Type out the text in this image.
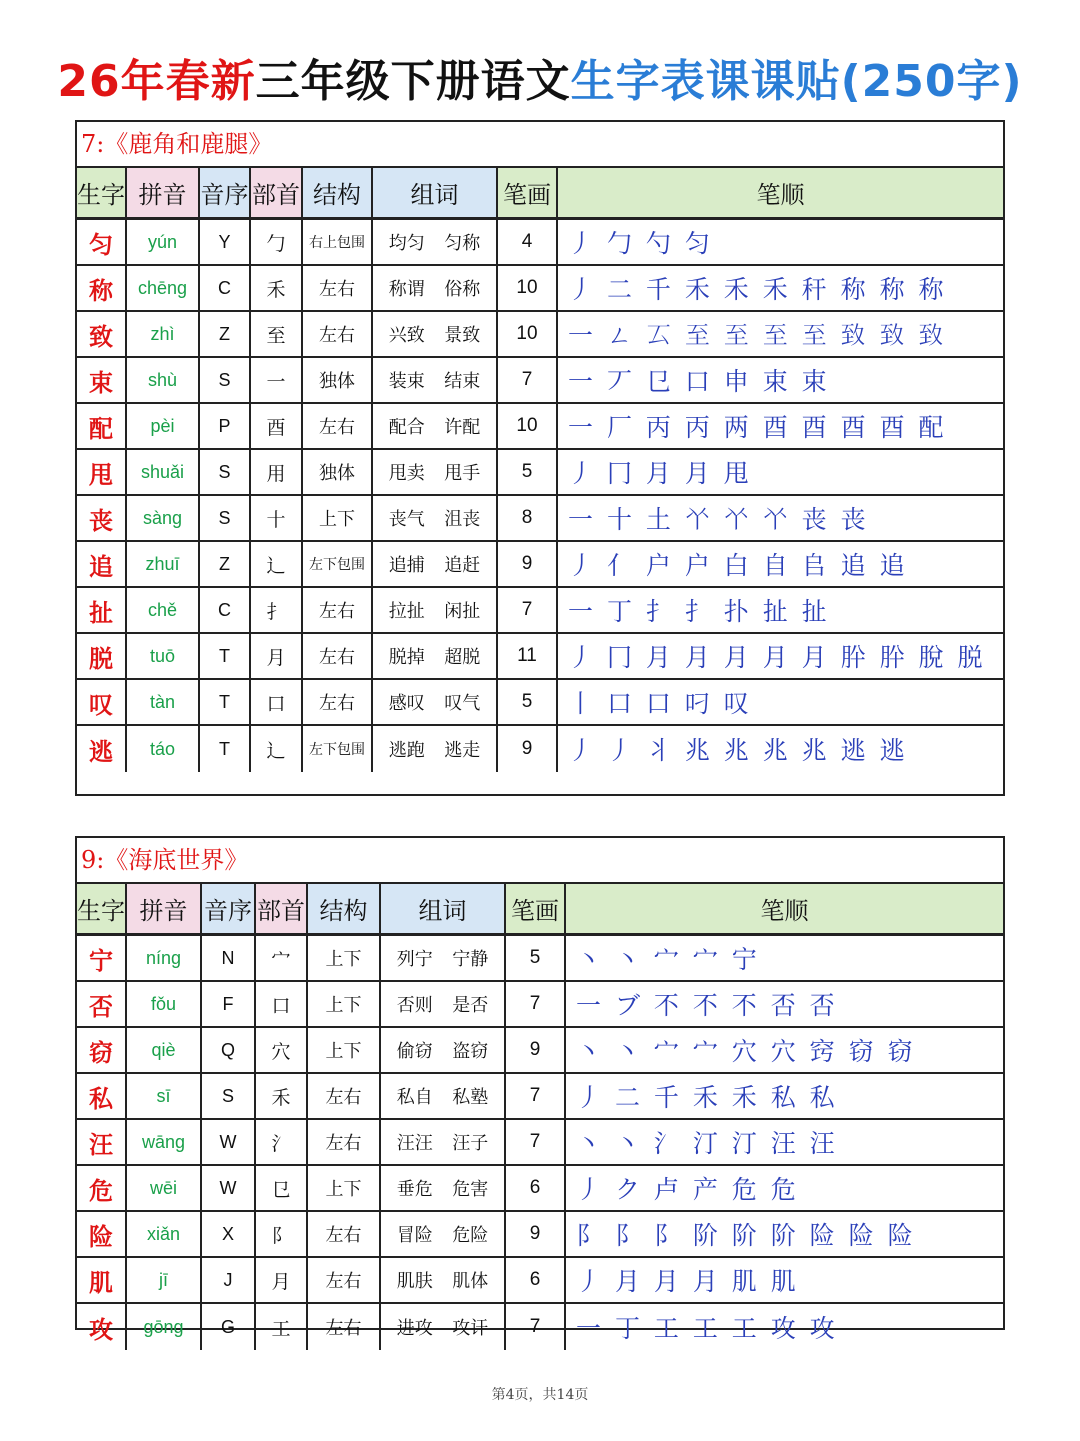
26年春新三年级下册语文生字表课课贴(250字)
7:《鹿角和鹿腿》
生字 拼音 音序 部首 结构	组词	笔画	笔顺
匀	yún	Y	勹	右上包围	均匀 匀称	4	丿 勹 勺 匀
称	chēng	C	禾	左右	称谓 俗称	10	丿 二 千 禾 禾 禾 秆 称 称 称
致	zhì	Z	至	左右	兴致 景致	10	一 ㄥ 𠫔 至 至 至 至 致 致 致
束	shù	S	一	独体	装束 结束	7	一 丆 㔾 口 申 束 束
配	pèi	P	酉	左右	配合 许配	10	一 厂 丙 丙 两 酉 酉 酉 酉 配
甩	shuǎi	S	用	独体	甩卖 甩手	5	丿 冂 月 月 甩
丧	sàng	S	十	上下	丧气 沮丧	8	一 十 土 𠁥 𠁥 𠁥 丧 丧
追	zhuī	Z	辶	左下包围	追捕 追赶	9	丿 亻 户 户 白 自 𠂤 追 追
扯	chě	C	扌	左右	拉扯 闲扯	7	一 丁 扌 扌 扑 扯 扯
脱	tuō	T	月	左右	脱掉 超脱	11	丿 冂 月 月 月 月 月 肸 肸 脫 脱
叹	tàn	T	口	左右	感叹 叹气	5	丨 口 口 叼 叹
逃	táo	T	辶	左下包围	逃跑 逃走	9	丿 丿 丬 兆 兆 兆 兆 逃 逃
9:《海底世界》
生字 拼音 音序 部首 结构	组词	笔画	笔顺
宁	níng	N	宀	上下	列宁 宁静	5	丶 丶 宀 宀 宁
否	fǒu	F	口	上下	否则 是否	7	一 ブ 不 不 不 否 否
窃	qiè	Q	穴	上下	偷窃 盗窃	9	丶 丶 宀 宀 穴 穴 窍 窃 窃
私	sī	S	禾	左右	私自 私塾	7	丿 二 千 禾 禾 私 私
汪	wāng	W	氵	左右	汪汪 汪子	7	丶 丶 氵 汀 汀 汪 汪
危	wēi	W	㔾	上下	垂危 危害	6	丿 ク 卢 产 危 危
险	xiǎn	X	阝	左右	冒险 危险	9	阝 阝 阝 阶 阶 阶 险 险 险
肌	jī	J	月	左右	肌肤 肌体	6	丿 月 月 月 肌 肌
攻	gōng	G	工	左右	进攻 攻讦	7	一 丁 工 工 工 攻 攻
第4页，共14页
